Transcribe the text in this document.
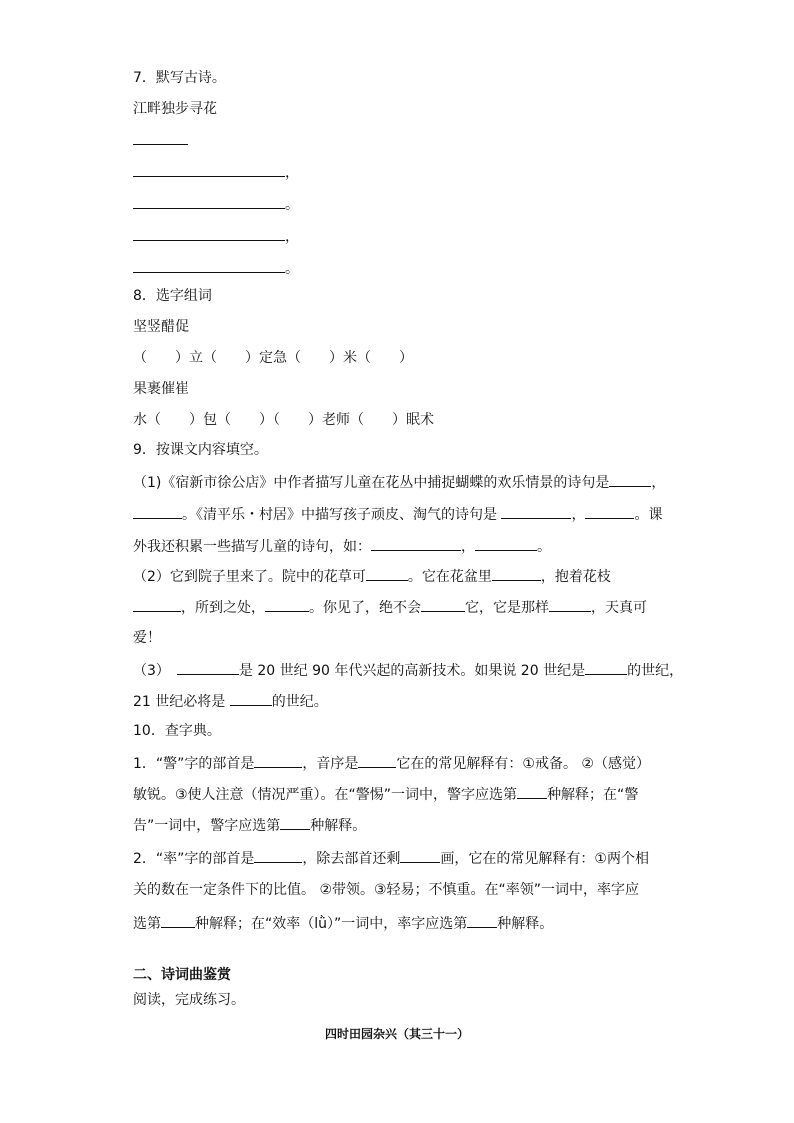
7．默写古诗。
江畔独步寻花
，
。
，
。
8．选字组词
坚竖醋促
（　　）立（　　）定急（　　）米（　　）
果裹催崔
水（　　）包（　　）（　　）老师（　　）眠术
9．按课文内容填空。
（1)《宿新市徐公店》中作者描写儿童在花丛中捕捉蝴蝶的欢乐情景的诗句是	，
。《清平乐・村居》中描写孩子顽皮、淘气的诗句是	，	。课
外我还积累一些描写儿童的诗句，如：	，	。
（2）它到院子里来了。院中的花草可	。它在花盆里	，抱着花枝
，所到之处，	。你见了，绝不会	它，它是那样	，天真可
爱！
（3）　	是 20 世纪 90 年代兴起的高新技术。如果说 20 世纪是	的世纪，
21 世纪必将是	的世纪。
10．查字典。
1．“警”字的部首是	，音序是	它在的常见解释有：①戒备。 ②（感觉）
敏锐。③使人注意（情况严重）。在“警惕”一词中，警字应选第 种解释；在“警
告”一词中，警字应选第 种解释。
2．“率”字的部首是	，除去部首还剩	画，它在的常见解释有：①两个相
关的数在一定条件下的比值。 ②带领。③轻易；不慎重。在“率领”一词中，率字应
选第 种解释；在“效率（lǜ）”一词中，率字应选第 种解释。
二、诗词曲鉴赏
阅读，完成练习。
四时田园杂兴（其三十一）
